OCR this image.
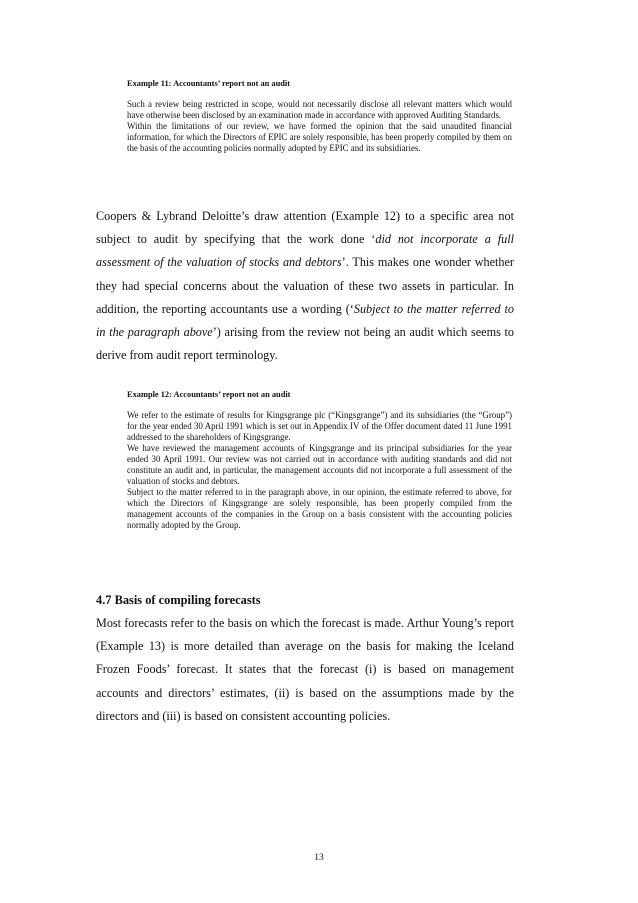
Example 11: Accountants’ report not an audit

Such a review being restricted in scope, would not necessarily disclose all relevant matters which would have otherwise been disclosed by an examination made in accordance with approved Auditing Standards.

Within the limitations of our review, we have formed the opinion that the said unaudited financial information, for which the Directors of EPIC are solely responsible, has been properly compiled by them on the basis of the accounting policies normally adopted by EPIC and its subsidiaries.

Coopers & Lybrand Deloitte’s draw attention (Example 12) to a specific area not subject to audit by specifying that the work done ‘did not incorporate a full assessment of the valuation of stocks and debtors’. This makes one wonder whether they had special concerns about the valuation of these two assets in particular. In addition, the reporting accountants use a wording (‘Subject to the matter referred to in the paragraph above’) arising from the review not being an audit which seems to derive from audit report terminology.

Example 12: Accountants’ report not an audit

We refer to the estimate of results for Kingsgrange plc (“Kingsgrange”) and its subsidiaries (the “Group”) for the year ended 30 April 1991 which is set out in Appendix IV of the Offer document dated 11 June 1991 addressed to the shareholders of Kingsgrange.

We have reviewed the management accounts of Kingsgrange and its principal subsidiaries for the year ended 30 April 1991. Our review was not carried out in accordance with auditing standards and did not constitute an audit and, in particular, the management accounts did not incorporate a full assessment of the valuation of stocks and debtors.

Subject to the matter referred to in the paragraph above, in our opinion, the estimate referred to above, for which the Directors of Kingsgrange are solely responsible, has been properly compiled from the management accounts of the companies in the Group on a basis consistent with the accounting policies normally adopted by the Group.

4.7 Basis of compiling forecasts

Most forecasts refer to the basis on which the forecast is made. Arthur Young’s report (Example 13) is more detailed than average on the basis for making the Iceland Frozen Foods’ forecast. It states that the forecast (i) is based on management accounts and directors’ estimates, (ii) is based on the assumptions made by the directors and (iii) is based on consistent accounting policies.

13
